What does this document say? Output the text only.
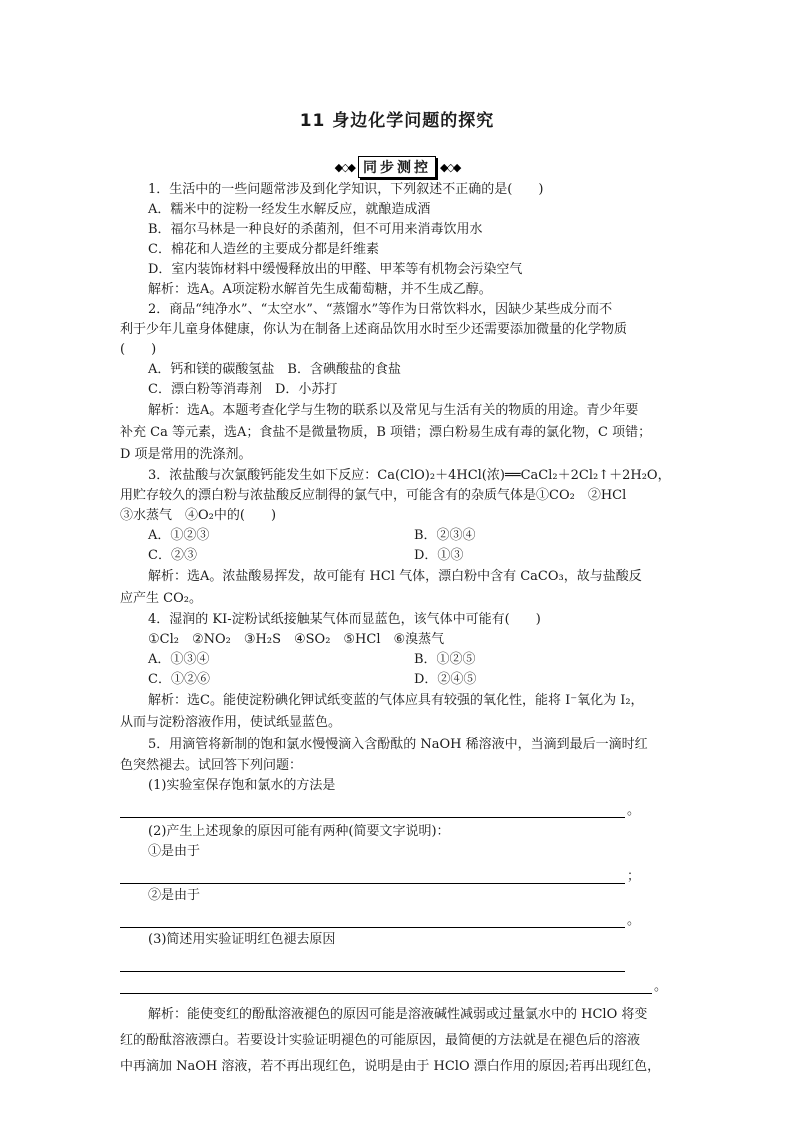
11 身边化学问题的探究
◆◇◆ 同步测控 ◆◇◆
1．生活中的一些问题常涉及到化学知识，下列叙述不正确的是(　　)
A．糯米中的淀粉一经发生水解反应，就酿造成酒
B．福尔马林是一种良好的杀菌剂，但不可用来消毒饮用水
C．棉花和人造丝的主要成分都是纤维素
D．室内装饰材料中缓慢释放出的甲醛、甲苯等有机物会污染空气
解析：选A。A项淀粉水解首先生成葡萄糖，并不生成乙醇。
2．商品“纯净水”、“太空水”、“蒸馏水”等作为日常饮料水，因缺少某些成分而不
利于少年儿童身体健康，你认为在制备上述商品饮用水时至少还需要添加微量的化学物质
(　　)
A．钙和镁的碳酸氢盐　B．含碘酸盐的食盐
C．漂白粉等消毒剂　D．小苏打
解析：选A。本题考查化学与生物的联系以及常见与生活有关的物质的用途。青少年要
补充 Ca 等元素，选A；食盐不是微量物质，B 项错；漂白粉易生成有毒的氯化物，C 项错；
D 项是常用的洗涤剂。
3．浓盐酸与次氯酸钙能发生如下反应：Ca(ClO)₂＋4HCl(浓)══CaCl₂＋2Cl₂↑＋2H₂O，
用贮存较久的漂白粉与浓盐酸反应制得的氯气中，可能含有的杂质气体是①CO₂　②HCl
③水蒸气　④O₂中的(　　)
A．①②③	B．②③④
C．②③	D．①③
解析：选A。浓盐酸易挥发，故可能有 HCl 气体，漂白粉中含有 CaCO₃，故与盐酸反
应产生 CO₂。
4．湿润的 KI-淀粉试纸接触某气体而显蓝色，该气体中可能有(　　)
①Cl₂　②NO₂　③H₂S　④SO₂　⑤HCl　⑥溴蒸气
A．①③④	B．①②⑤
C．①②⑥	D．②④⑤
解析：选C。能使淀粉碘化钾试纸变蓝的气体应具有较强的氧化性，能将 I⁻氧化为 I₂，
从而与淀粉溶液作用，使试纸显蓝色。
5．用滴管将新制的饱和氯水慢慢滴入含酚酞的 NaOH 稀溶液中，当滴到最后一滴时红
色突然褪去。试回答下列问题：
(1)实验室保存饱和氯水的方法是
。
(2)产生上述现象的原因可能有两种(简要文字说明)：
①是由于
；
②是由于
。
(3)简述用实验证明红色褪去原因
。
解析：能使变红的酚酞溶液褪色的原因可能是溶液碱性减弱或过量氯水中的 HClO 将变
红的酚酞溶液漂白。若要设计实验证明褪色的可能原因，最简便的方法就是在褪色后的溶液
中再滴加 NaOH 溶液，若不再出现红色，说明是由于 HClO 漂白作用的原因;若再出现红色，
